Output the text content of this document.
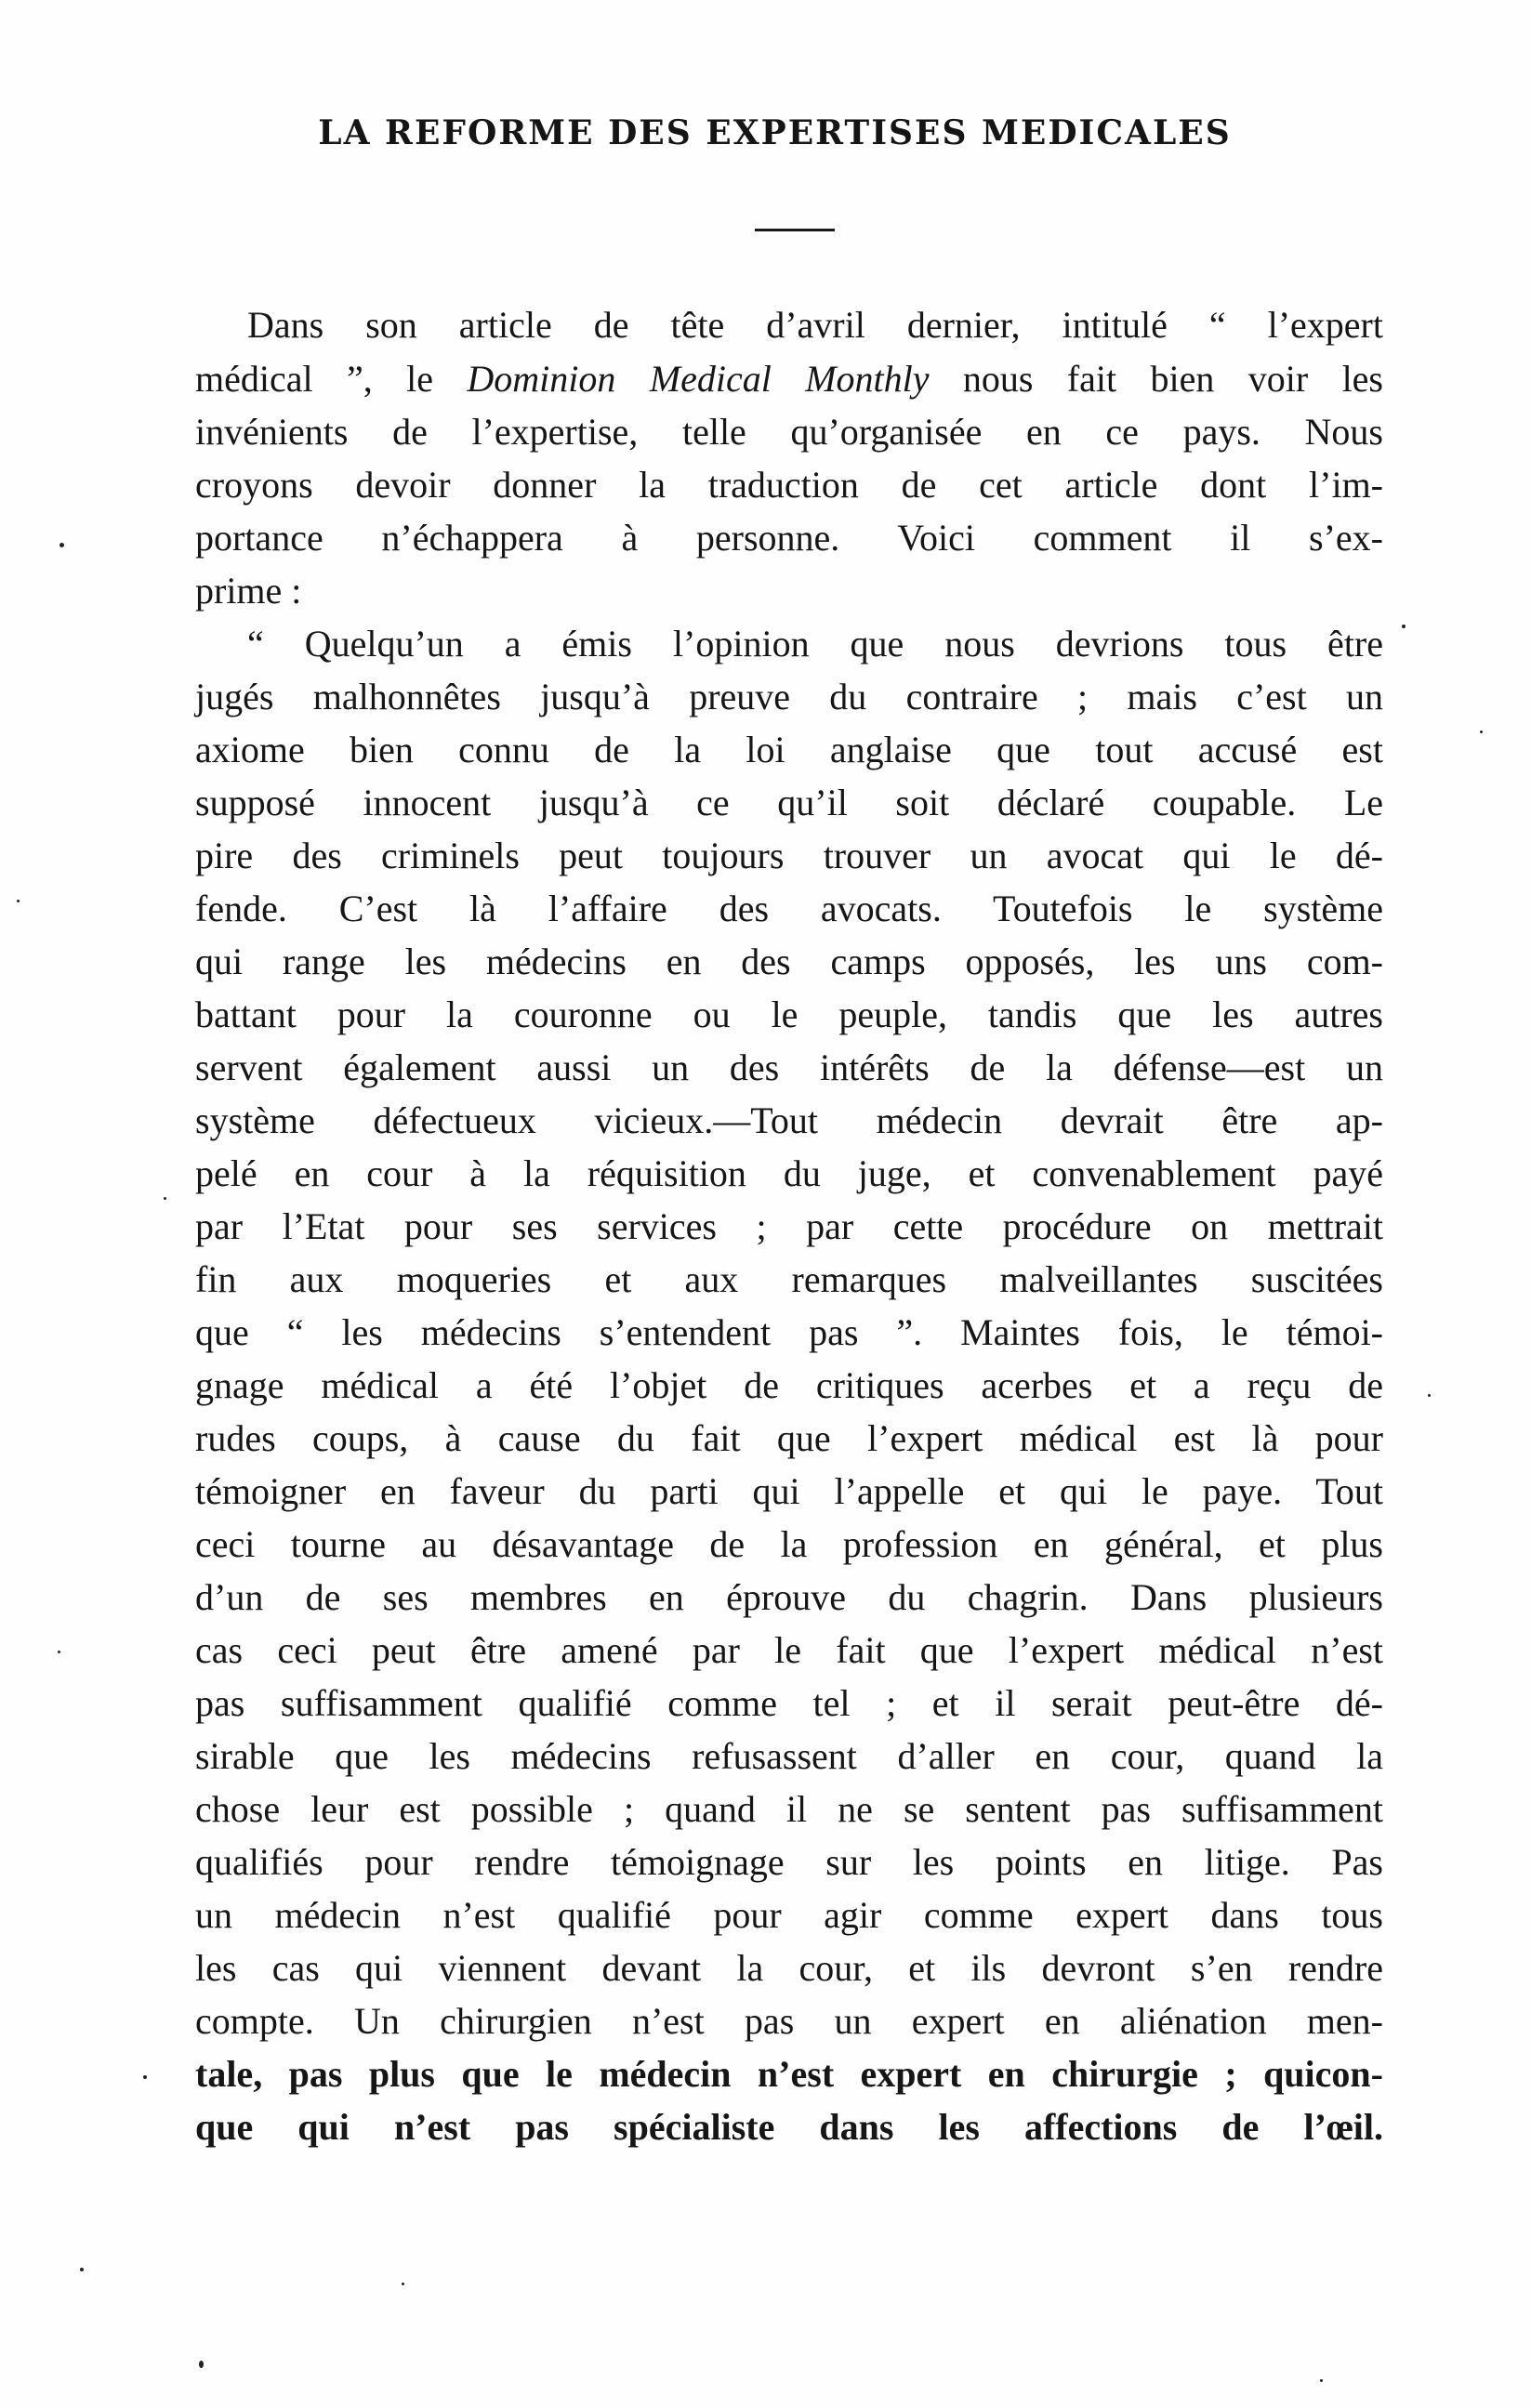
LA REFORME DES EXPERTISES MEDICALES
Dans son article de tête d’avril dernier, intitulé “ l’expert
médical ”, le Dominion Medical Monthly nous fait bien voir les
invénients de l’expertise, telle qu’organisée en ce pays. Nous
croyons devoir donner la traduction de cet article dont l’im-
portance n’échappera à personne. Voici comment il s’ex-
prime :
“ Quelqu’un a émis l’opinion que nous devrions tous être
jugés malhonnêtes jusqu’à preuve du contraire ; mais c’est un
axiome bien connu de la loi anglaise que tout accusé est
supposé innocent jusqu’à ce qu’il soit déclaré coupable. Le
pire des criminels peut toujours trouver un avocat qui le dé-
fende. C’est là l’affaire des avocats. Toutefois le système
qui range les médecins en des camps opposés, les uns com-
battant pour la couronne ou le peuple, tandis que les autres
servent également aussi un des intérêts de la défense—est un
système défectueux vicieux.—Tout médecin devrait être ap-
pelé en cour à la réquisition du juge, et convenablement payé
par l’Etat pour ses services ; par cette procédure on mettrait
fin aux moqueries et aux remarques malveillantes suscitées
que “ les médecins s’entendent pas ”. Maintes fois, le témoi-
gnage médical a été l’objet de critiques acerbes et a reçu de
rudes coups, à cause du fait que l’expert médical est là pour
témoigner en faveur du parti qui l’appelle et qui le paye. Tout
ceci tourne au désavantage de la profession en général, et plus
d’un de ses membres en éprouve du chagrin. Dans plusieurs
cas ceci peut être amené par le fait que l’expert médical n’est
pas suffisamment qualifié comme tel ; et il serait peut-être dé-
sirable que les médecins refusassent d’aller en cour, quand la
chose leur est possible ; quand il ne se sentent pas suffisamment
qualifiés pour rendre témoignage sur les points en litige. Pas
un médecin n’est qualifié pour agir comme expert dans tous
les cas qui viennent devant la cour, et ils devront s’en rendre
compte. Un chirurgien n’est pas un expert en aliénation men-
tale, pas plus que le médecin n’est expert en chirurgie ; quicon-
que qui n’est pas spécialiste dans les affections de l’œil.
